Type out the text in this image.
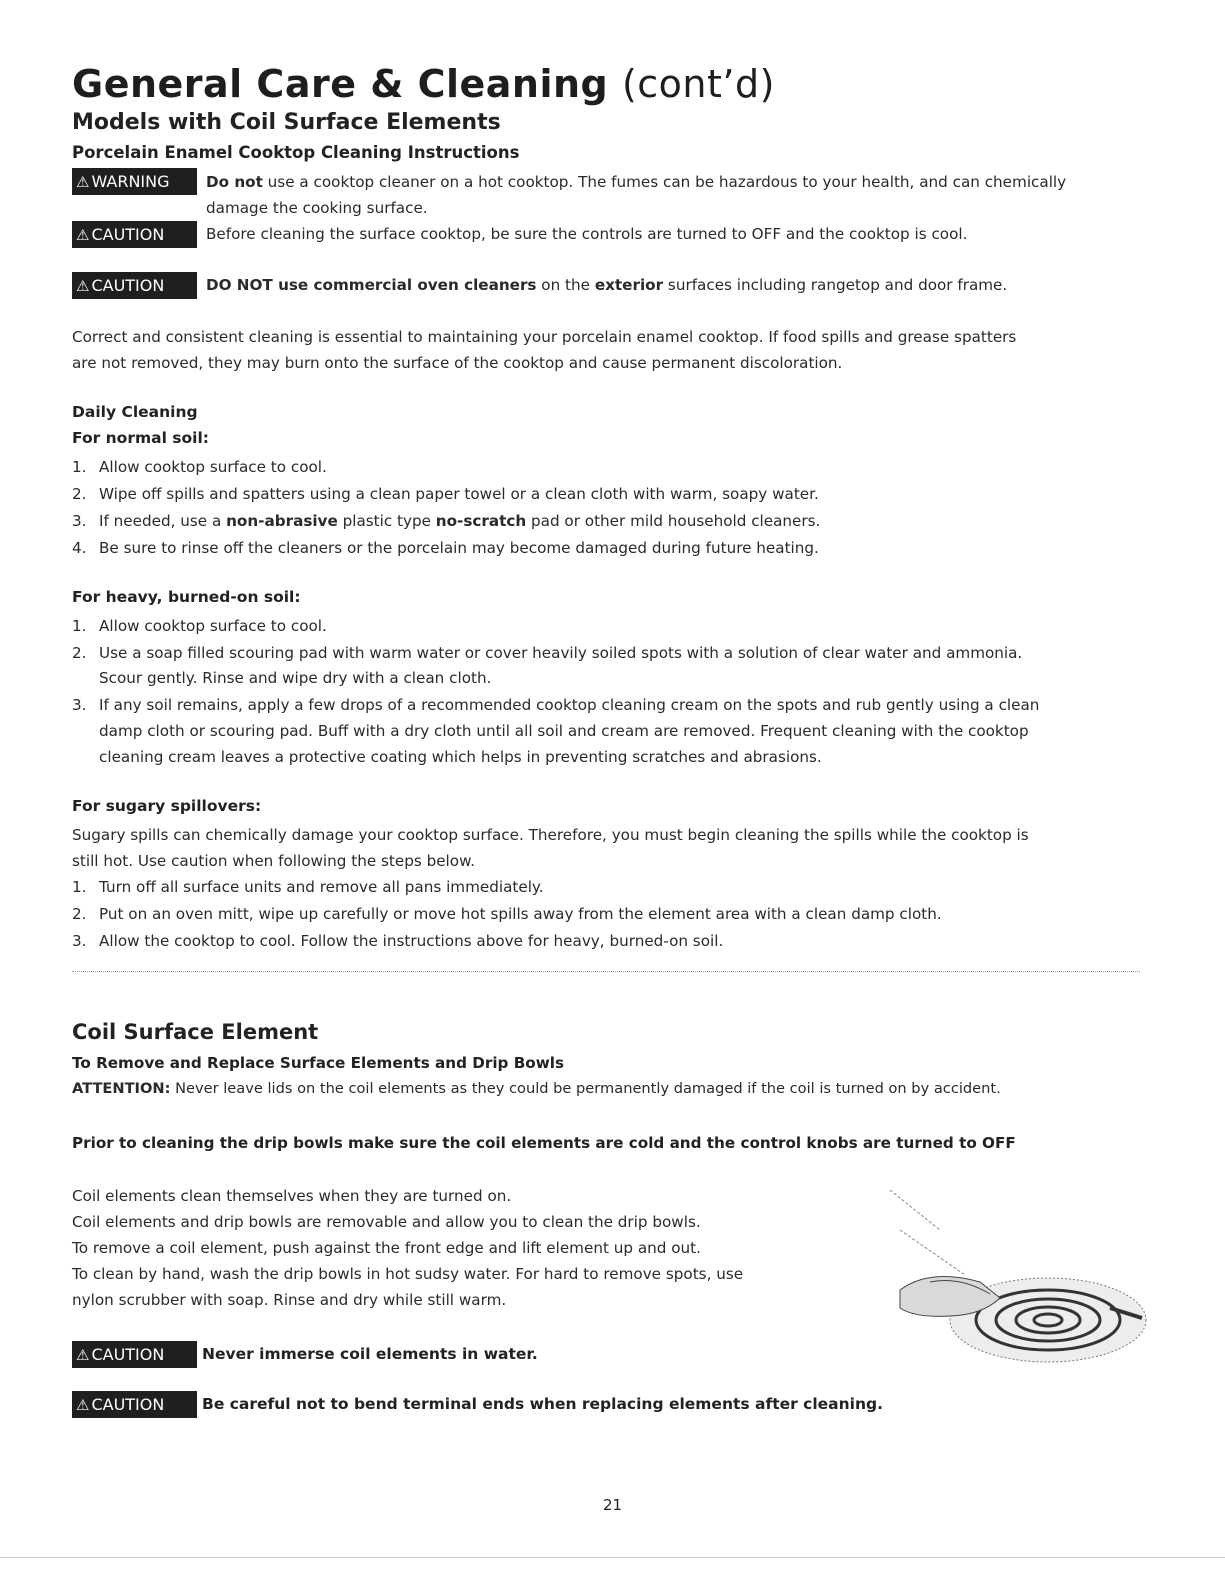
General Care & Cleaning (cont’d)
Models with Coil Surface Elements
Porcelain Enamel Cooktop Cleaning Instructions
⚠ WARNING	Do not use a cooktop cleaner on a hot cooktop. The fumes can be hazardous to your health, and can chemically
damage the cooking surface.
⚠ CAUTION	Before cleaning the surface cooktop, be sure the controls are turned to OFF and the cooktop is cool.
⚠ CAUTION	DO NOT use commercial oven cleaners on the exterior surfaces including rangetop and door frame.
Correct and consistent cleaning is essential to maintaining your porcelain enamel cooktop. If food spills and grease spatters
are not removed, they may burn onto the surface of the cooktop and cause permanent discoloration.
Daily Cleaning
For normal soil:
1. Allow cooktop surface to cool.
2. Wipe off spills and spatters using a clean paper towel or a clean cloth with warm, soapy water.
3. If needed, use a non-abrasive plastic type no-scratch pad or other mild household cleaners.
4. Be sure to rinse off the cleaners or the porcelain may become damaged during future heating.
For heavy, burned-on soil:
1. Allow cooktop surface to cool.
2. Use a soap filled scouring pad with warm water or cover heavily soiled spots with a solution of clear water and ammonia.
Scour gently. Rinse and wipe dry with a clean cloth.
3. If any soil remains, apply a few drops of a recommended cooktop cleaning cream on the spots and rub gently using a clean
damp cloth or scouring pad. Buff with a dry cloth until all soil and cream are removed. Frequent cleaning with the cooktop
cleaning cream leaves a protective coating which helps in preventing scratches and abrasions.
For sugary spillovers:
Sugary spills can chemically damage your cooktop surface. Therefore, you must begin cleaning the spills while the cooktop is
still hot. Use caution when following the steps below.
1. Turn off all surface units and remove all pans immediately.
2. Put on an oven mitt, wipe up carefully or move hot spills away from the element area with a clean damp cloth.
3. Allow the cooktop to cool. Follow the instructions above for heavy, burned-on soil.
Coil Surface Element
To Remove and Replace Surface Elements and Drip Bowls
ATTENTION: Never leave lids on the coil elements as they could be permanently damaged if the coil is turned on by accident.
Prior to cleaning the drip bowls make sure the coil elements are cold and the control knobs are turned to OFF
Coil elements clean themselves when they are turned on.
Coil elements and drip bowls are removable and allow you to clean the drip bowls.
To remove a coil element, push against the front edge and lift element up and out.
To clean by hand, wash the drip bowls in hot sudsy water. For hard to remove spots, use
nylon scrubber with soap. Rinse and dry while still warm.
⚠ CAUTION	Never immerse coil elements in water.
⚠ CAUTION	Be careful not to bend terminal ends when replacing elements after cleaning.
21
